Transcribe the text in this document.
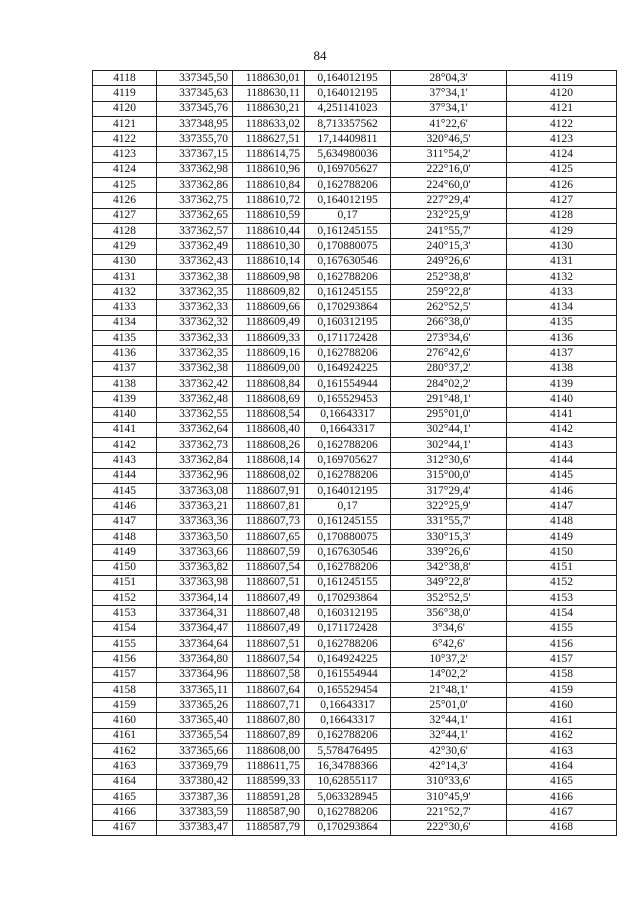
84
4118	337345,50	1188630,01	0,164012195	28°04,3'	4119
4119	337345,63	1188630,11	0,164012195	37°34,1'	4120
4120	337345,76	1188630,21	4,251141023	37°34,1'	4121
4121	337348,95	1188633,02	8,713357562	41°22,6'	4122
4122	337355,70	1188627,51	17,14409811	320°46,5'	4123
4123	337367,15	1188614,75	5,634980036	311°54,2'	4124
4124	337362,98	1188610,96	0,169705627	222°16,0'	4125
4125	337362,86	1188610,84	0,162788206	224°60,0'	4126
4126	337362,75	1188610,72	0,164012195	227°29,4'	4127
4127	337362,65	1188610,59	0,17	232°25,9'	4128
4128	337362,57	1188610,44	0,161245155	241°55,7'	4129
4129	337362,49	1188610,30	0,170880075	240°15,3'	4130
4130	337362,43	1188610,14	0,167630546	249°26,6'	4131
4131	337362,38	1188609,98	0,162788206	252°38,8'	4132
4132	337362,35	1188609,82	0,161245155	259°22,8'	4133
4133	337362,33	1188609,66	0,170293864	262°52,5'	4134
4134	337362,32	1188609,49	0,160312195	266°38,0'	4135
4135	337362,33	1188609,33	0,171172428	273°34,6'	4136
4136	337362,35	1188609,16	0,162788206	276°42,6'	4137
4137	337362,38	1188609,00	0,164924225	280°37,2'	4138
4138	337362,42	1188608,84	0,161554944	284°02,2'	4139
4139	337362,48	1188608,69	0,165529453	291°48,1'	4140
4140	337362,55	1188608,54	0,16643317	295°01,0'	4141
4141	337362,64	1188608,40	0,16643317	302°44,1'	4142
4142	337362,73	1188608,26	0,162788206	302°44,1'	4143
4143	337362,84	1188608,14	0,169705627	312°30,6'	4144
4144	337362,96	1188608,02	0,162788206	315°00,0'	4145
4145	337363,08	1188607,91	0,164012195	317°29,4'	4146
4146	337363,21	1188607,81	0,17	322°25,9'	4147
4147	337363,36	1188607,73	0,161245155	331°55,7'	4148
4148	337363,50	1188607,65	0,170880075	330°15,3'	4149
4149	337363,66	1188607,59	0,167630546	339°26,6'	4150
4150	337363,82	1188607,54	0,162788206	342°38,8'	4151
4151	337363,98	1188607,51	0,161245155	349°22,8'	4152
4152	337364,14	1188607,49	0,170293864	352°52,5'	4153
4153	337364,31	1188607,48	0,160312195	356°38,0'	4154
4154	337364,47	1188607,49	0,171172428	3°34,6'	4155
4155	337364,64	1188607,51	0,162788206	6°42,6'	4156
4156	337364,80	1188607,54	0,164924225	10°37,2'	4157
4157	337364,96	1188607,58	0,161554944	14°02,2'	4158
4158	337365,11	1188607,64	0,165529454	21°48,1'	4159
4159	337365,26	1188607,71	0,16643317	25°01,0'	4160
4160	337365,40	1188607,80	0,16643317	32°44,1'	4161
4161	337365,54	1188607,89	0,162788206	32°44,1'	4162
4162	337365,66	1188608,00	5,578476495	42°30,6'	4163
4163	337369,79	1188611,75	16,34788366	42°14,3'	4164
4164	337380,42	1188599,33	10,62855117	310°33,6'	4165
4165	337387,36	1188591,28	5,063328945	310°45,9'	4166
4166	337383,59	1188587,90	0,162788206	221°52,7'	4167
4167	337383,47	1188587,79	0,170293864	222°30,6'	4168
